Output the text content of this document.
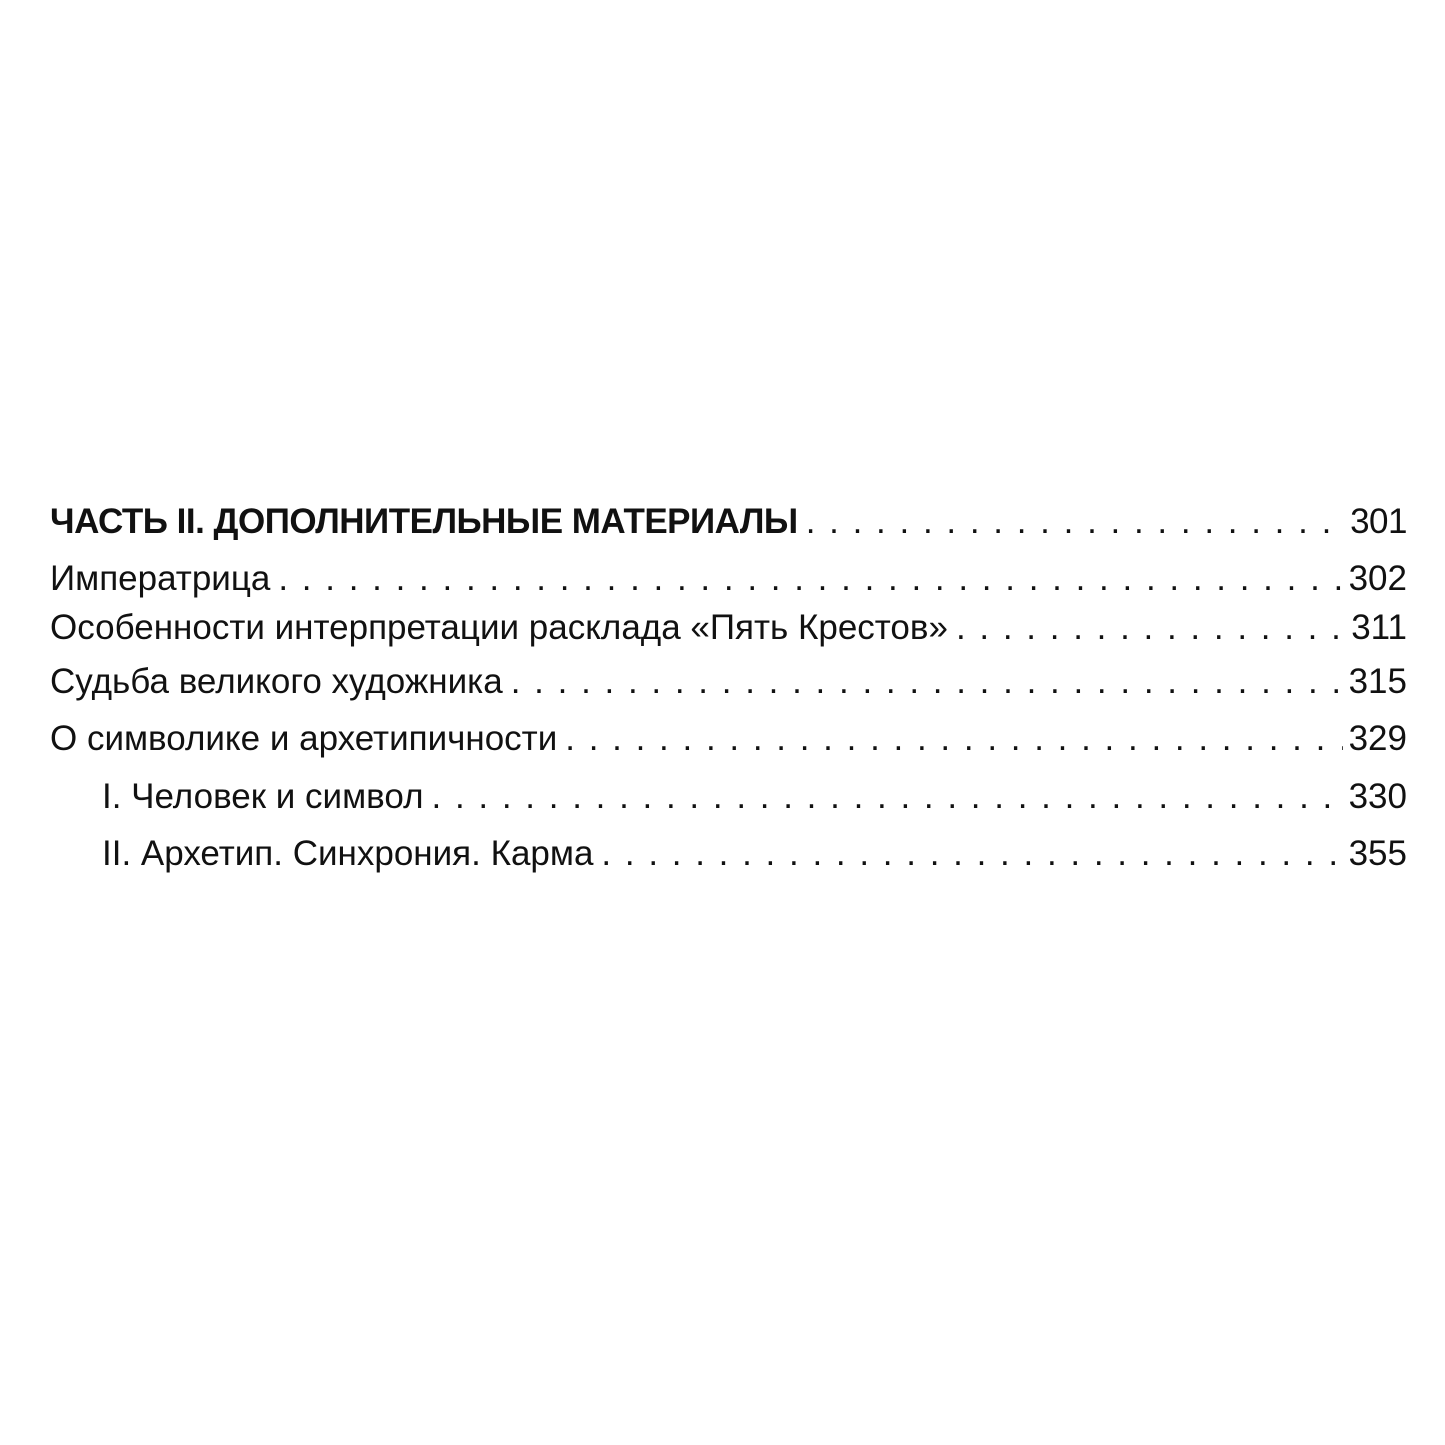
ЧАСТЬ II. ДОПОЛНИТЕЛЬНЫЕ МАТЕРИАЛЫ . . .	301
Императрица . . .	302
Особенности интерпретации расклада «Пять Крестов» . . .	311
Судьба великого художника . . .	315
О символике и архетипичности . . .	329
I. Человек и символ . . .	330
II. Архетип. Синхрония. Карма . . .	355
